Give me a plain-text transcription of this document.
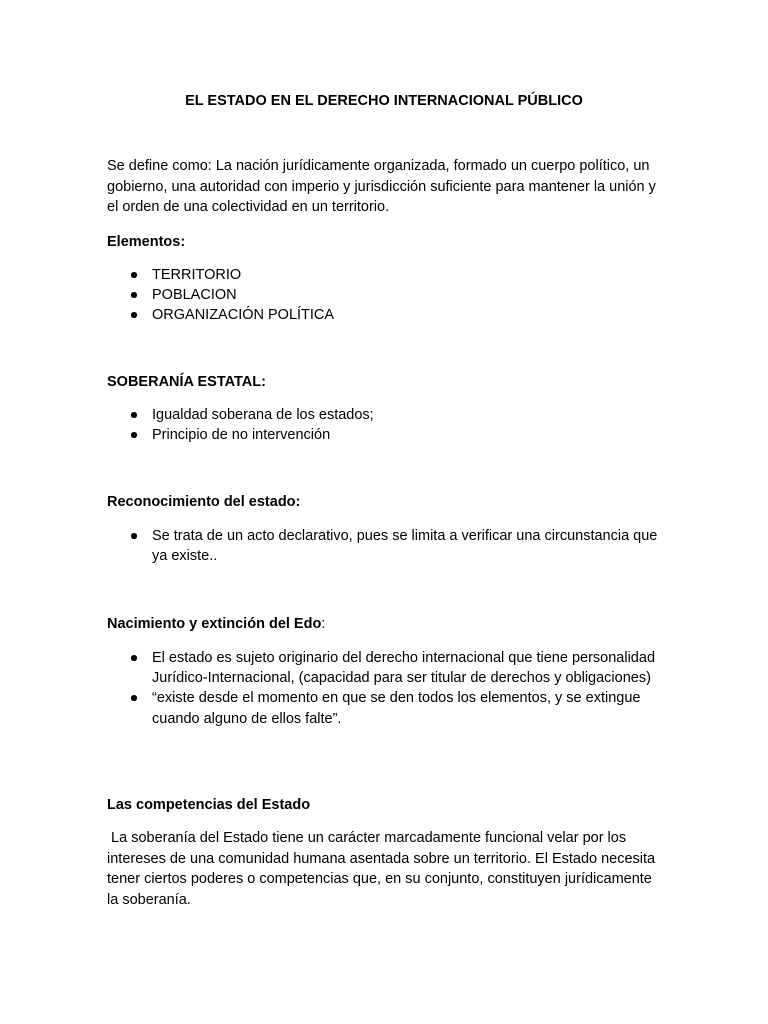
EL ESTADO EN EL DERECHO INTERNACIONAL PÚBLICO

Se define como: La nación jurídicamente organizada, formado un cuerpo político, un gobierno, una autoridad con imperio y jurisdicción suficiente para mantener la unión y el orden de una colectividad en un territorio.

Elementos:
TERRITORIO
POBLACION
ORGANIZACIÓN POLÍTICA
SOBERANÍA ESTATAL:
Igualdad soberana de los estados;
Principio de no intervención
Reconocimiento del estado:
Se trata de un acto declarativo, pues se limita a verificar una circunstancia que ya existe..
Nacimiento y extinción del Edo:
El estado es sujeto originario del derecho internacional que tiene personalidad Jurídico-Internacional, (capacidad para ser titular de derechos y obligaciones)
“existe desde el momento en que se den todos los elementos, y se extingue cuando alguno de ellos falte”.
Las competencias del Estado

La soberanía del Estado tiene un carácter marcadamente funcional velar por los intereses de una comunidad humana asentada sobre un territorio. El Estado necesita tener ciertos poderes o competencias que, en su conjunto, constituyen jurídicamente la soberanía.
